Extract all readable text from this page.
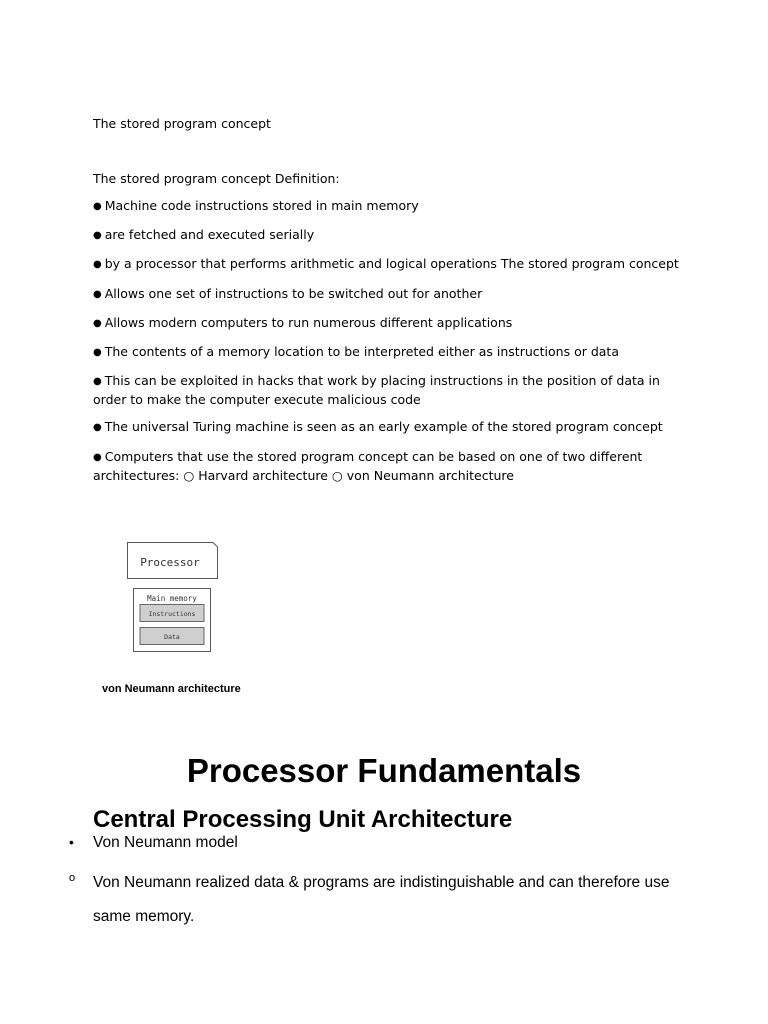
The stored program concept
The stored program concept Definition:
● Machine code instructions stored in main memory
● are fetched and executed serially
● by a processor that performs arithmetic and logical operations The stored program concept
● Allows one set of instructions to be switched out for another
● Allows modern computers to run numerous different applications
● The contents of a memory location to be interpreted either as instructions or data
● This can be exploited in hacks that work by placing instructions in the position of data in order to make the computer execute malicious code
● The universal Turing machine is seen as an early example of the stored program concept
● Computers that use the stored program concept can be based on one of two different architectures: ○ Harvard architecture ○ von Neumann architecture
Processor
Main memory
Instructions
Data
von Neumann architecture
Processor Fundamentals
Central Processing Unit Architecture
• Von Neumann model
o Von Neumann realized data & programs are indistinguishable and can therefore use same memory.
